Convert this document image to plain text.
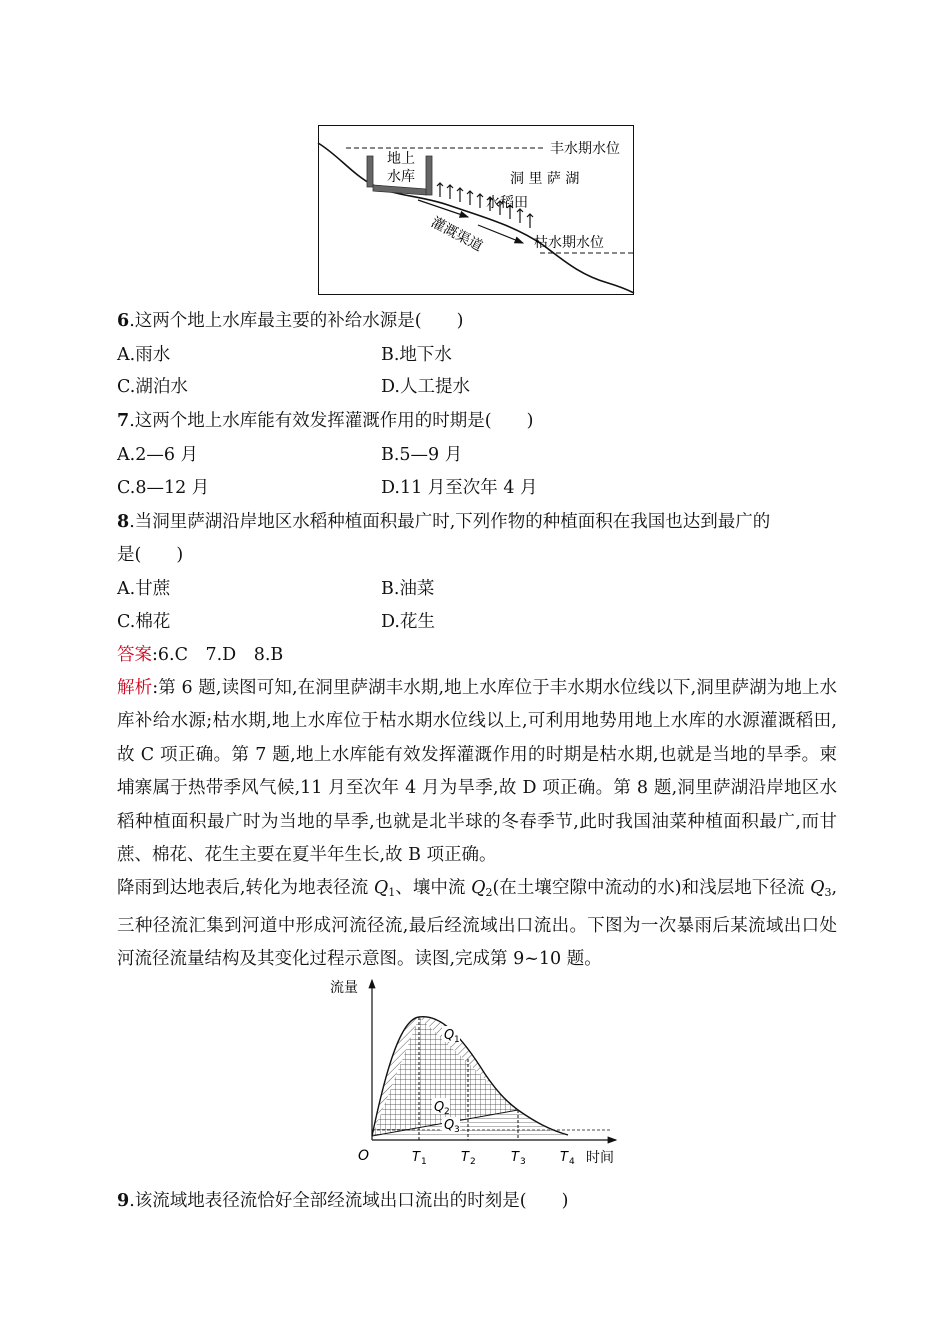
丰水期水位
洞 里 萨 湖
地上
水库
水稻田
灌溉渠道	枯水期水位
6.这两个地上水库最主要的补给水源是(　　)
A.雨水	B.地下水
C.湖泊水	D.人工提水
7.这两个地上水库能有效发挥灌溉作用的时期是(　　)
A.2—6 月	B.5—9 月
C.8—12 月	D.11 月至次年 4 月
8.当洞里萨湖沿岸地区水稻种植面积最广时,下列作物的种植面积在我国也达到最广的
是(　　)
A.甘蔗	B.油菜
C.棉花	D.花生
答案:6.C　7.D　8.B

解析:第 6 题,读图可知,在洞里萨湖丰水期,地上水库位于丰水期水位线以下,洞里萨湖为地上水库补给水源;枯水期,地上水库位于枯水期水位线以上,可利用地势用地上水库的水源灌溉稻田,故 C 项正确。第 7 题,地上水库能有效发挥灌溉作用的时期是枯水期,也就是当地的旱季。柬埔寨属于热带季风气候,11 月至次年 4 月为旱季,故 D 项正确。第 8 题,洞里萨湖沿岸地区水稻种植面积最广时为当地的旱季,也就是北半球的冬春季节,此时我国油菜种植面积最广,而甘蔗、棉花、花生主要在夏半年生长,故 B 项正确。

降雨到达地表后,转化为地表径流 $Q_1$、壤中流 $Q_2$(在土壤空隙中流动的水)和浅层地下径流 $Q_3$,三种径流汇集到河道中形成河流径流,最后经流域出口流出。下图为一次暴雨后某流域出口处河流径流量结构及其变化过程示意图。读图,完成第 9~10 题。

流量
时间
O	T 1	T 2	T 3	T 4
Q 1
Q 2
Q 3
9.该流域地表径流恰好全部经流域出口流出的时刻是(　　)
